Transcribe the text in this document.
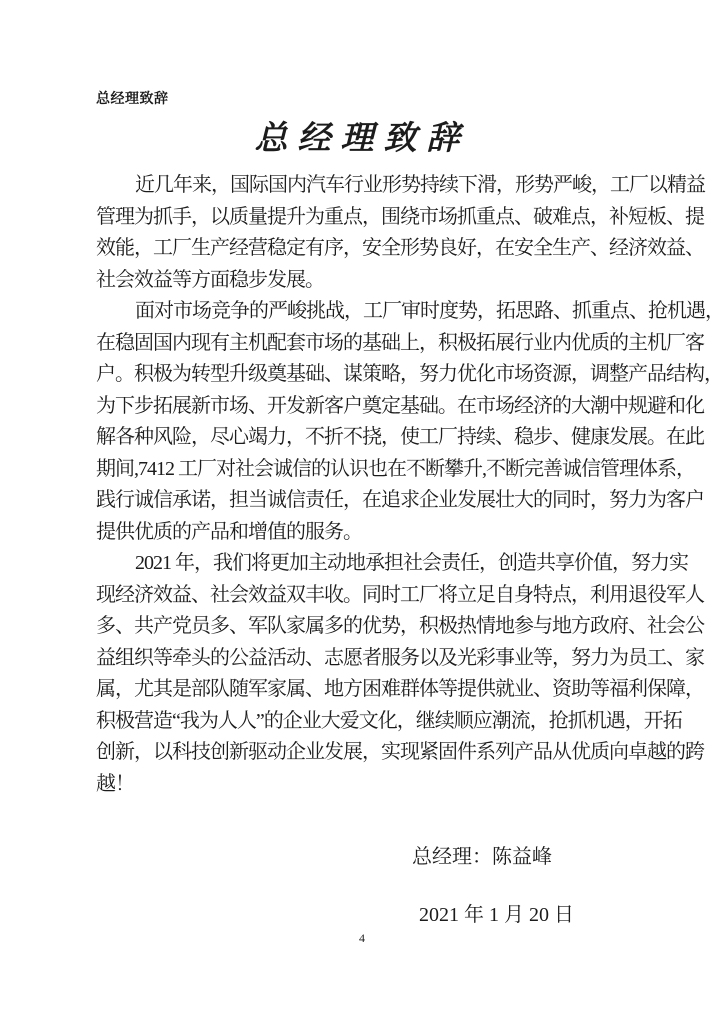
总经理致辞
总经理致辞
近几年来，国际国内汽车行业形势持续下滑，形势严峻，工厂以精益
管理为抓手，以质量提升为重点，围绕市场抓重点、破难点，补短板、提
效能，工厂生产经营稳定有序，安全形势良好，在安全生产、经济效益、
社会效益等方面稳步发展。
面对市场竞争的严峻挑战，工厂审时度势，拓思路、抓重点、抢机遇，
在稳固国内现有主机配套市场的基础上，积极拓展行业内优质的主机厂客
户。积极为转型升级奠基础、谋策略，努力优化市场资源，调整产品结构，
为下步拓展新市场、开发新客户奠定基础。在市场经济的大潮中规避和化
解各种风险，尽心竭力，不折不挠，使工厂持续、稳步、健康发展。在此
期间,7412 工厂对社会诚信的认识也在不断攀升,不断完善诚信管理体系，
践行诚信承诺，担当诚信责任，在追求企业发展壮大的同时，努力为客户
提供优质的产品和增值的服务。
2021 年，我们将更加主动地承担社会责任，创造共享价值，努力实
现经济效益、社会效益双丰收。同时工厂将立足自身特点，利用退役军人
多、共产党员多、军队家属多的优势，积极热情地参与地方政府、社会公
益组织等牵头的公益活动、志愿者服务以及光彩事业等，努力为员工、家
属，尤其是部队随军家属、地方困难群体等提供就业、资助等福利保障，
积极营造“我为人人”的企业大爱文化，继续顺应潮流，抢抓机遇，开拓
创新，以科技创新驱动企业发展，实现紧固件系列产品从优质向卓越的跨
越！
总经理：陈益峰
2021 年 1 月 20 日
4
